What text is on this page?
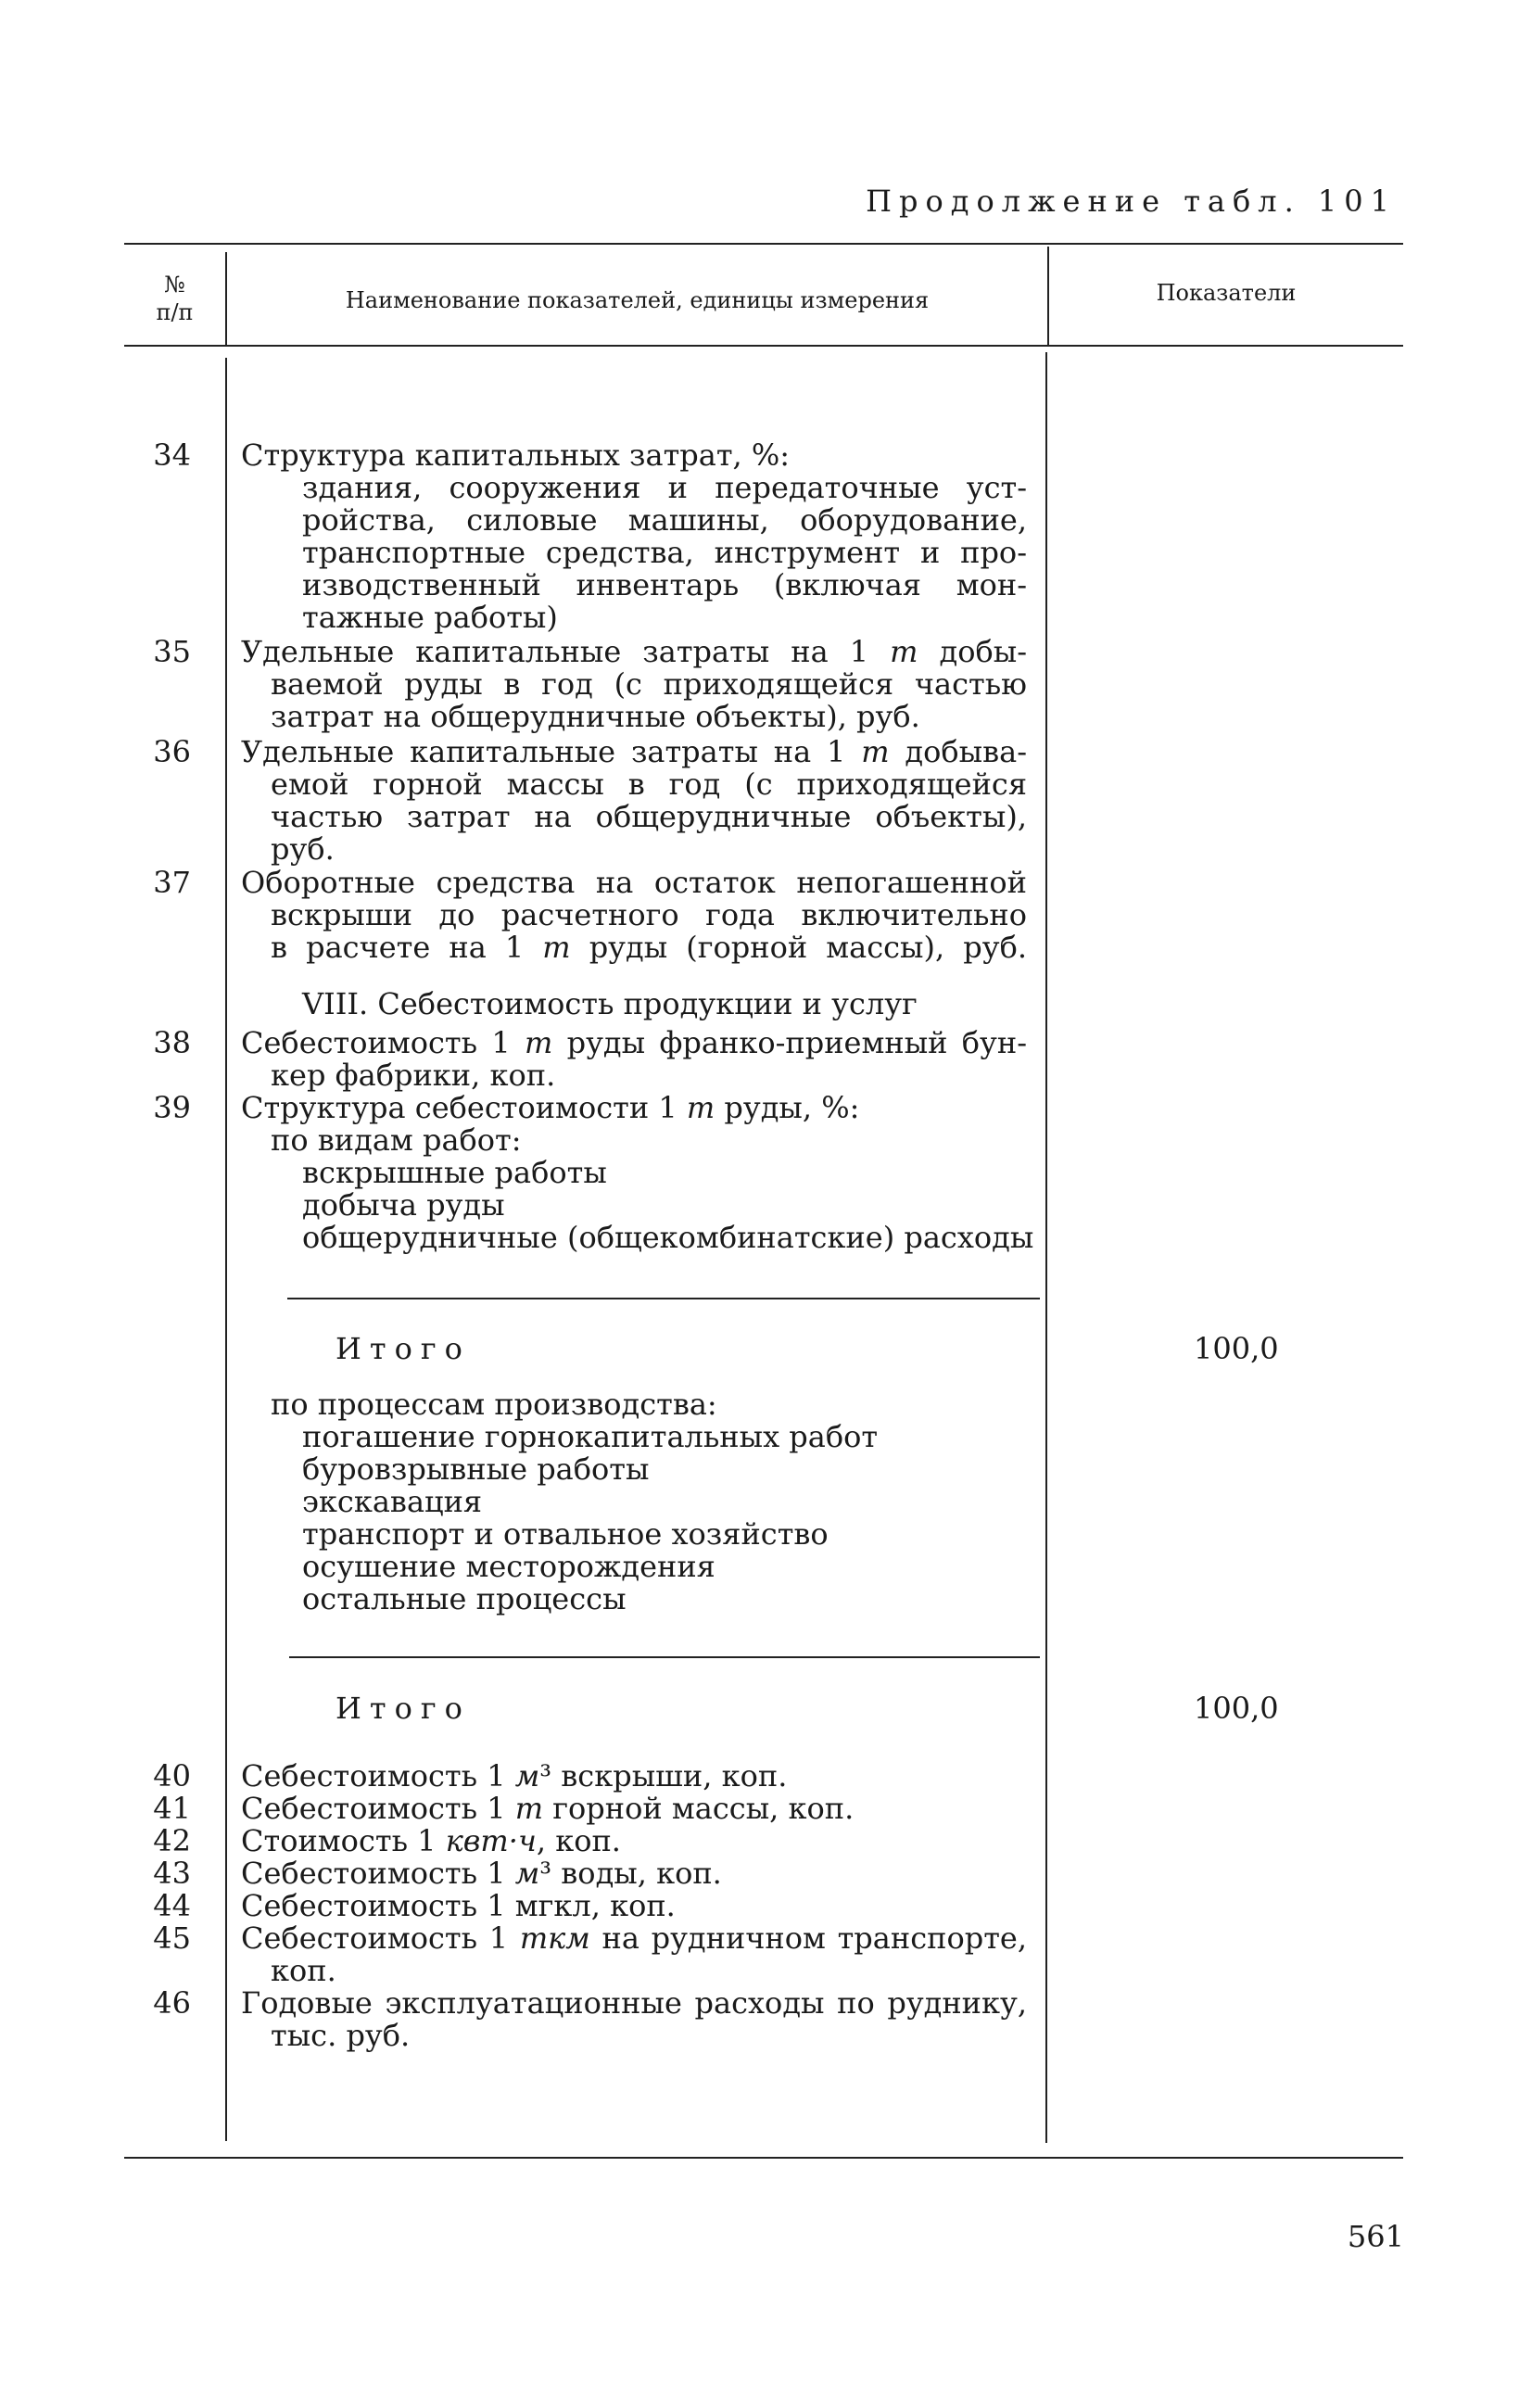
Продолжение табл. 101
№
п/п	Наименование показателей, единицы измерения	Показатели
34 Структура капитальных затрат, %:
здания, сооружения и передаточные уст-
ройства, силовые машины, оборудование,
транспортные средства, инструмент и про-
изводственный инвентарь (включая мон-
тажные работы)
35 Удельные капитальные затраты на 1 т добы-
ваемой руды в год (с приходящейся частью
затрат на общерудничные объекты), руб.
36 Удельные капитальные затраты на 1 т добыва-
емой горной массы в год (с приходящейся
частью затрат на общерудничные объекты),
руб.
37 Оборотные средства на остаток непогашенной
вскрыши до расчетного года включительно
в расчете на 1 т руды (горной массы), руб.
VIII. Себестоимость продукции и услуг
38 Себестоимость 1 т руды франко-приемный бун-
кер фабрики, коп.
39 Структура себестоимости 1 т руды, %:
по видам работ:
вскрышные работы
добыча руды
общерудничные (общекомбинатские) расходы
Итого	100,0
по процессам производства:
погашение горнокапитальных работ
буровзрывные работы
экскавация
транспорт и отвальное хозяйство
осушение месторождения
остальные процессы
Итого	100,0
40 Себестоимость 1 м³ вскрыши, коп.
41 Себестоимость 1 т горной массы, коп.
42 Стоимость 1 квт·ч, коп.
43 Себестоимость 1 м³ воды, коп.
44 Себестоимость 1 мгкл, коп.
45 Себестоимость 1 ткм на рудничном транспорте,
коп.
46 Годовые эксплуатационные расходы по руднику,
тыс. руб.
561
